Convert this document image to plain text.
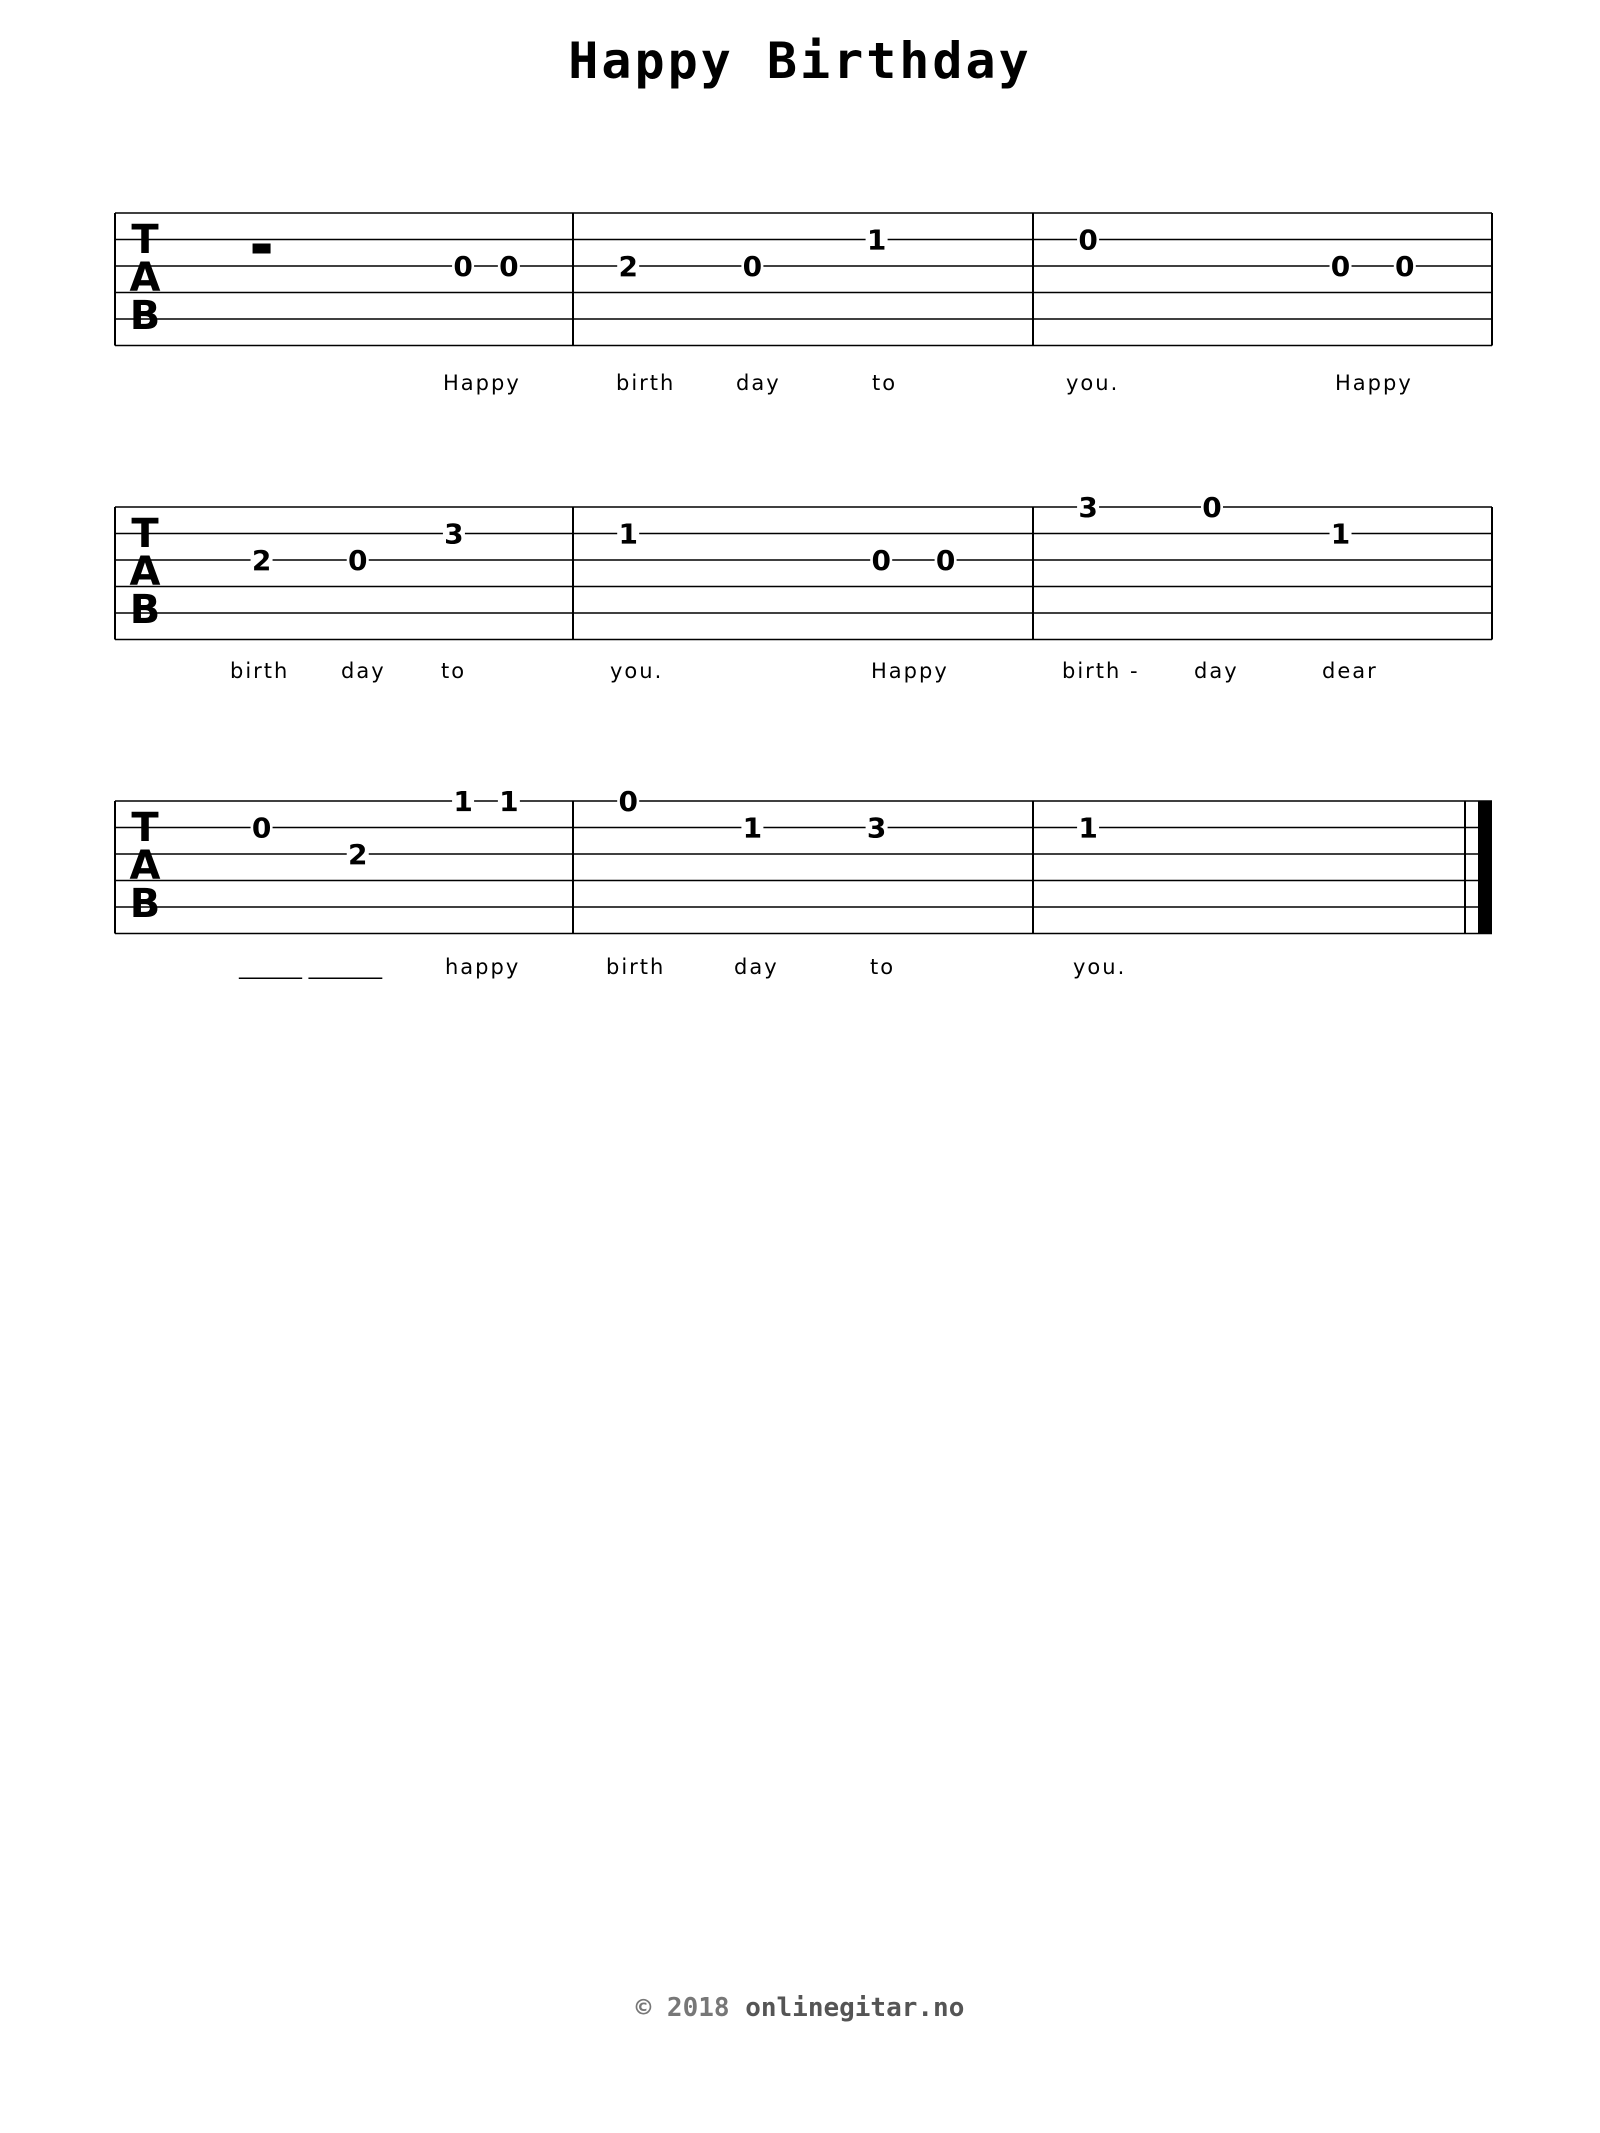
Happy Birthday
T
A
B
0 0	2	0
1	0
0 0
Happy	birth	day	to	you.	Happy
T
A
B
2	0
3	1
0 0
3	0
1
birth day	to	you.	Happy	birth -	day	dear
T
A
B
0
2
1 1	0
1	3	1
______ _______	happy	birth	day	to	you.
© 2018 onlinegitar.no
